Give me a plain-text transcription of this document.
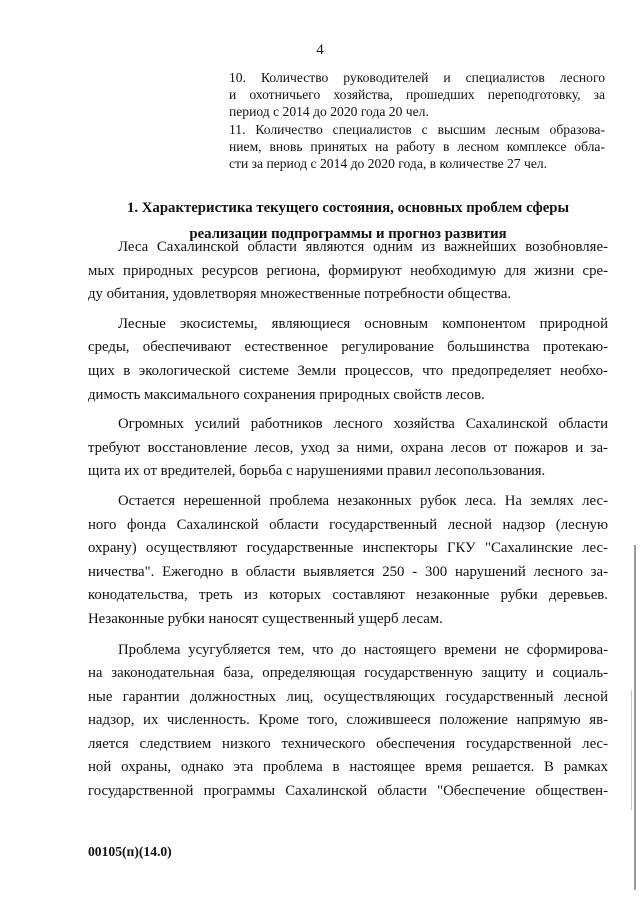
4
10. Количество руководителей и специалистов лесного
и охотничьего хозяйства, прошедших переподготовку, за
период с 2014 до 2020 года 20 чел.
11. Количество специалистов с высшим лесным образова-
нием, вновь принятых на работу в лесном комплексе обла-
сти за период с 2014 до 2020 года, в количестве 27 чел.
1. Характеристика текущего состояния, основных проблем сферы
реализации подпрограммы и прогноз развития
Леса Сахалинской области являются одним из важнейших возобновляе-
мых природных ресурсов региона, формируют необходимую для жизни сре-
ду обитания, удовлетворяя множественные потребности общества.
Лесные экосистемы, являющиеся основным компонентом природной
среды, обеспечивают естественное регулирование большинства протекаю-
щих в экологической системе Земли процессов, что предопределяет необхо-
димость максимального сохранения природных свойств лесов.
Огромных усилий работников лесного хозяйства Сахалинской области
требуют восстановление лесов, уход за ними, охрана лесов от пожаров и за-
щита их от вредителей, борьба с нарушениями правил лесопользования.
Остается нерешенной проблема незаконных рубок леса. На землях лес-
ного фонда Сахалинской области государственный лесной надзор (лесную
охрану) осуществляют государственные инспекторы ГКУ "Сахалинские лес-
ничества". Ежегодно в области выявляется 250 - 300 нарушений лесного за-
конодательства, треть из которых составляют незаконные рубки деревьев.
Незаконные рубки наносят существенный ущерб лесам.
Проблема усугубляется тем, что до настоящего времени не сформирова-
на законодательная база, определяющая государственную защиту и социаль-
ные гарантии должностных лиц, осуществляющих государственный лесной
надзор, их численность. Кроме того, сложившееся положение напрямую яв-
ляется следствием низкого технического обеспечения государственной лес-
ной охраны, однако эта проблема в настоящее время решается. В рамках
государственной программы Сахалинской области "Обеспечение обществен-
00105(п)(14.0)
